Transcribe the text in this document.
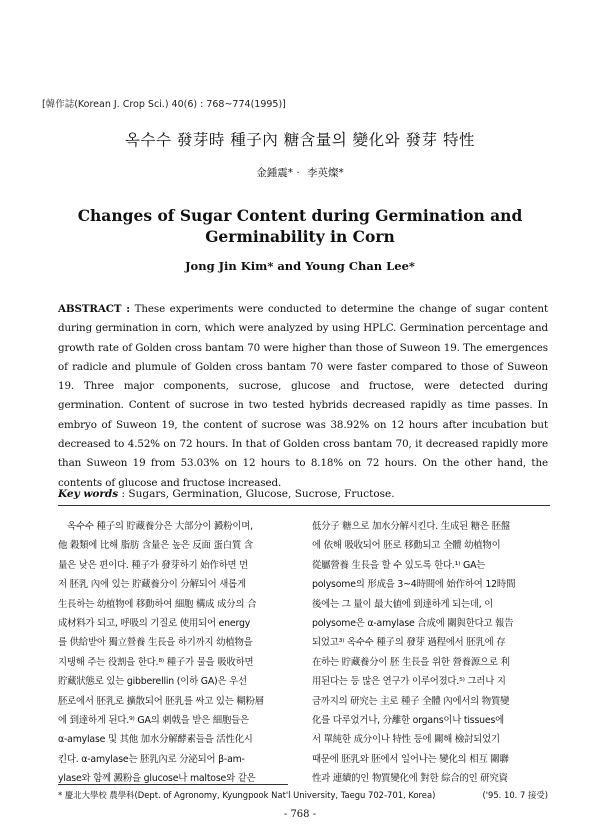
[韓作誌(Korean J. Crop Sci.) 40(6) : 768~774(1995)]
옥수수 發芽時 種子內 糖含量의 變化와 發芽 特性
金鍾震* · 李英燦*
Changes of Sugar Content during Germination and Germinability in Corn
Jong Jin Kim* and Young Chan Lee*
ABSTRACT : These experiments were conducted to determine the change of sugar content during germination in corn, which were analyzed by using HPLC. Germination percentage and growth rate of Golden cross bantam 70 were higher than those of Suweon 19. The emergences of radicle and plumule of Golden cross bantam 70 were faster compared to those of Suweon 19. Three major components, sucrose, glucose and fructose, were detected during germination. Content of sucrose in two tested hybrids decreased rapidly as time passes. In embryo of Suweon 19, the content of sucrose was 38.92% on 12 hours after incubation but decreased to 4.52% on 72 hours. In that of Golden cross bantam 70, it decreased rapidly more than Suweon 19 from 53.03% on 12 hours to 8.18% on 72 hours. On the other hand, the contents of glucose and fructose increased.
Key words : Sugars, Germination, Glucose, Sucrose, Fructose.
　옥수수 種子의 貯藏養分은 大部分이 澱粉이며,
他 穀類에 比해 脂肪 含量은 높은 反面 蛋白質 含
量은 낮은 편이다. 種子가 發芽하기 始作하면 먼
저 胚乳 內에 있는 貯藏養分이 分解되어 새롭게
生長하는 幼植物에 移動하여 細胞 構成 成分의 合
成材料가 되고, 呼吸의 기질로 使用되어 energy
를 供給받아 獨立營養 生長을 하기까지 幼植物을
지탱해 주는 役割을 한다.⁸⁾ 種子가 물을 吸收하면
貯藏狀態로 있는 gibberellin (이하 GA)은 우선
胚로에서 胚乳로 擴散되어 胚乳를 싸고 있는 糊粉層
에 到達하게 된다.⁹⁾ GA의 刺戟을 받은 細胞들은
α-amylase 및 其他 加水分解酵素들을 活性化시
킨다. α-amylase는 胚乳內로 分泌되어 β-am-
ylase와 함께 澱粉을 glucose나 maltose와 같은
低分子 糖으로 加水分解시킨다. 生成된 糖은 胚盤
에 依해 吸收되어 胚로 移動되고 全體 幼植物이
從屬營養 生長을 할 수 있도록 한다.¹⁾ GA는
polysome의 形成을 3~4時間에 始作하여 12時間
後에는 그 量이 最大値에 到達하게 되는데, 이
polysome은 α-amylase 合成에 關與한다고 報告
되었고³⁾ 옥수수 種子의 發芽 過程에서 胚乳에 存
在하는 貯藏養分이 胚 生長을 위한 營養源으로 利
用된다는 등 많은 연구가 이루어졌다.⁵⁾ 그러나 지
금까지의 研究는 主로 種子 全體 內에서의 物質變
化를 다루었거나, 分離한 organs이나 tissues에
서 單純한 成分이나 特性 등에 關해 檢討되었기
때문에 胚乳와 胚에서 일어나는 變化의 相互 關聯
性과 連續的인 物質變化에 對한 綜合的인 研究資
* 慶北大學校 農學科(Dept. of Agronomy, Kyungpook Nat'l University, Taegu 702-701, Korea)	('95. 10. 7 接受)
- 768 -
